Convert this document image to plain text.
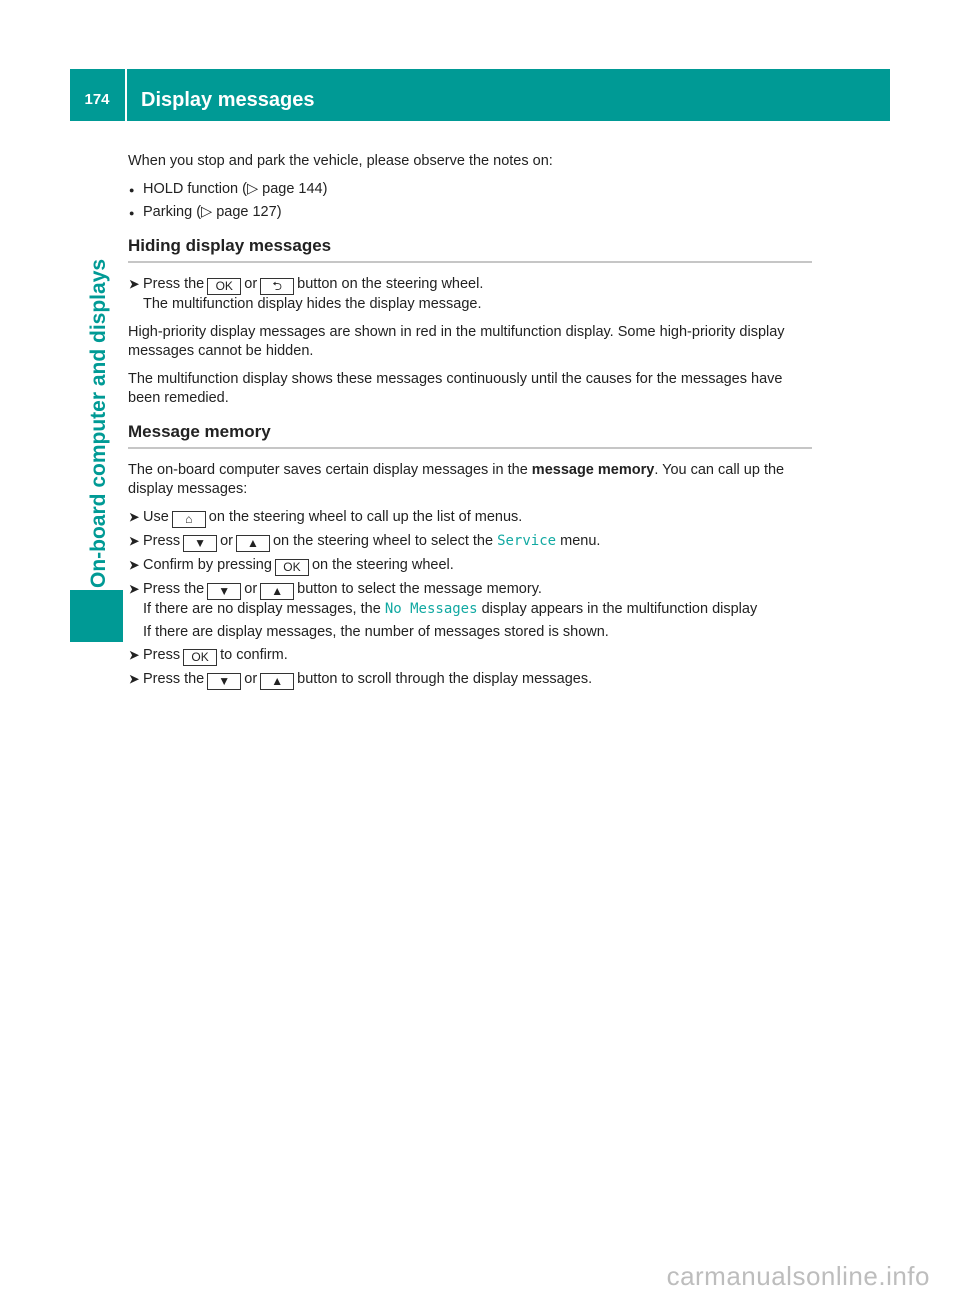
174	Display messages
On-board computer and displays

When you stop and park the vehicle, please observe the notes on:

● HOLD function (▷ page 144)
● Parking (▷ page 127)
Hiding display messages
➤ Press the OK or ⮌ button on the steering wheel.
The multifunction display hides the display message.

High-priority display messages are shown in red in the multifunction display. Some high-priority display messages cannot be hidden.

The multifunction display shows these messages continuously until the causes for the messages have been remedied.

Message memory

The on-board computer saves certain display messages in the message memory. You can call up the display messages:

➤ Use ⌂ on the steering wheel to call up the list of menus.
➤ Press ▼ or ▲ on the steering wheel to select the Service menu.
➤ Confirm by pressing OK on the steering wheel.
➤ Press the ▼ or ▲ button to select the message memory.
If there are no display messages, the No Messages display appears in the multifunction display
If there are display messages, the number of messages stored is shown.
➤ Press OK to confirm.
➤ Press the ▼ or ▲ button to scroll through the display messages.
carmanualsonline.info
